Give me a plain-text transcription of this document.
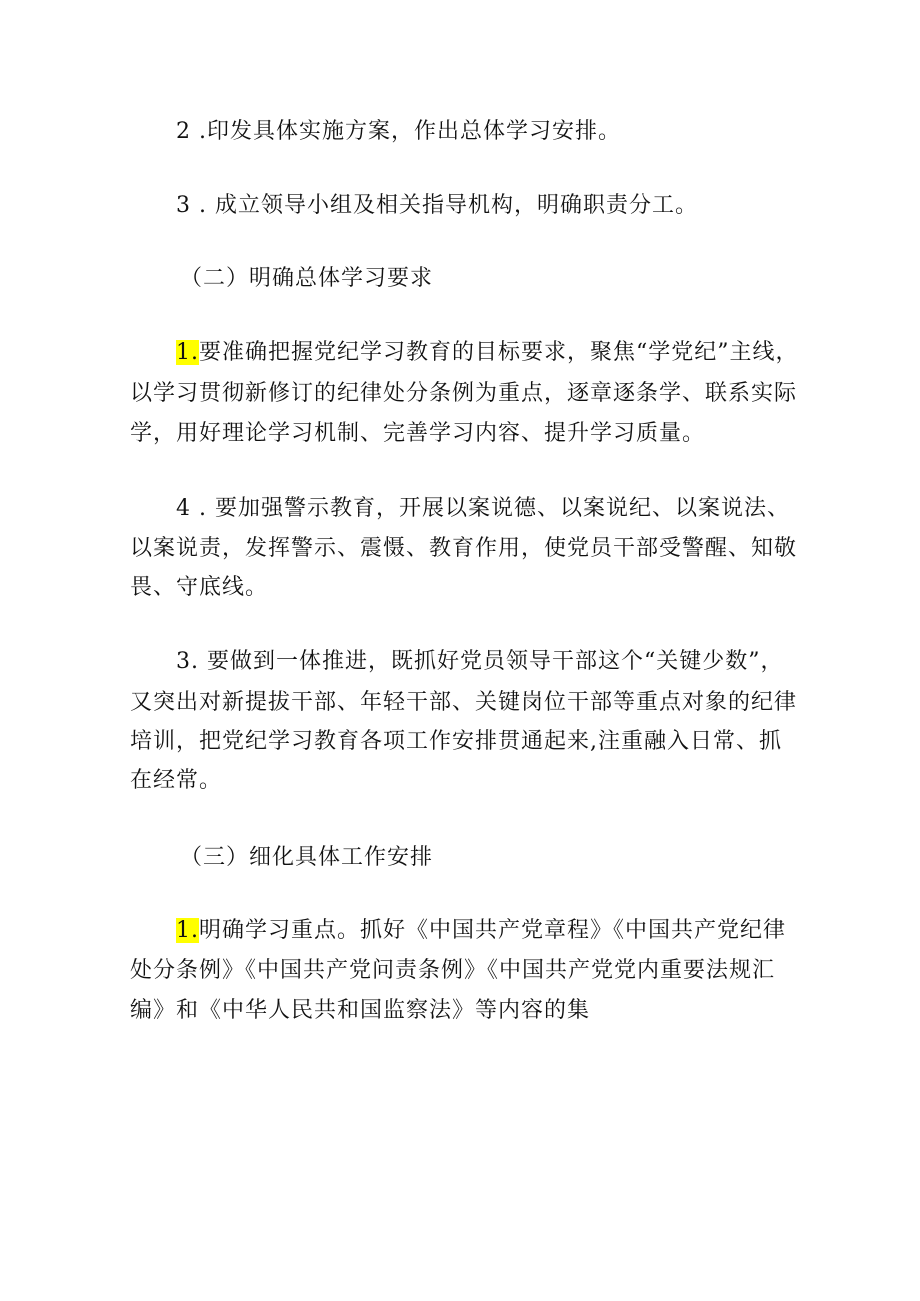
2 .印发具体实施方案，作出总体学习安排。
3 . 成立领导小组及相关指导机构，明确职责分工。
（二）明确总体学习要求
1.要准确把握党纪学习教育的目标要求，聚焦“学党纪”主线，
以学习贯彻新修订的纪律处分条例为重点，逐章逐条学、联系实际
学，用好理论学习机制、完善学习内容、提升学习质量。
4 . 要加强警示教育，开展以案说德、以案说纪、以案说法、
以案说责，发挥警示、震慑、教育作用，使党员干部受警醒、知敬
畏、守底线。
3. 要做到一体推进，既抓好党员领导干部这个“关键少数”，
又突出对新提拔干部、年轻干部、关键岗位干部等重点对象的纪律
培训，把党纪学习教育各项工作安排贯通起来,注重融入日常、抓
在经常。
（三）细化具体工作安排
1.明确学习重点。抓好《中国共产党章程》《中国共产党纪律
处分条例》《中国共产党问责条例》《中国共产党党内重要法规汇
编》和《中华人民共和国监察法》等内容的集
